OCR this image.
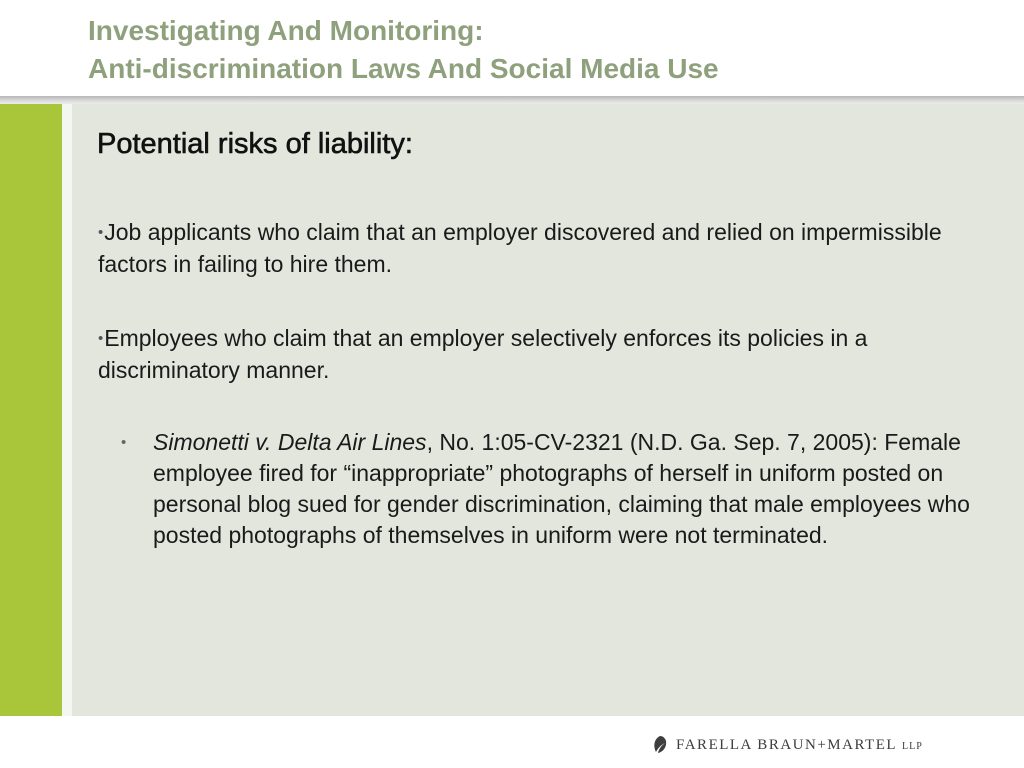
Investigating And Monitoring:
Anti-discrimination Laws And Social Media Use
Potential risks of liability:
•Job applicants who claim that an employer discovered and relied on impermissible factors in failing to hire them.
•Employees who claim that an employer selectively enforces its policies in a discriminatory manner.
• Simonetti v. Delta Air Lines, No. 1:05-CV-2321 (N.D. Ga. Sep. 7, 2005): Female employee fired for “inappropriate” photographs of herself in uniform posted on personal blog sued for gender discrimination, claiming that male employees who posted photographs of themselves in uniform were not terminated.
FARELLA BRAUN+MARTEL LLP
